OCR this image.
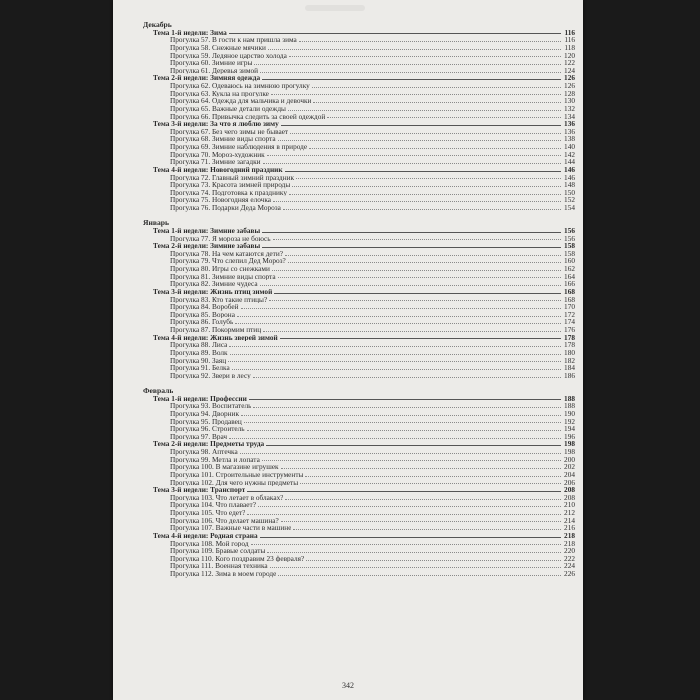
Декабрь
Тема 1-й недели: Зима	116
Прогулка 57. В гости к нам пришла зима	116
Прогулка 58. Снежные мячики	118
Прогулка 59. Ледяное царство холода	120
Прогулка 60. Зимние игры	122
Прогулка 61. Деревья зимой	124
Тема 2-й недели: Зимняя одежда	126
Прогулка 62. Одеваюсь на зимнюю прогулку	126
Прогулка 63. Кукла на прогулке	128
Прогулка 64. Одежда для мальчика и девочки	130
Прогулка 65. Важные детали одежды	132
Прогулка 66. Привычка следить за своей одеждой	134
Тема 3-й недели: За что я люблю зиму	136
Прогулка 67. Без чего зимы не бывает	136
Прогулка 68. Зимние виды спорта	138
Прогулка 69. Зимние наблюдения в природе	140
Прогулка 70. Мороз-художник	142
Прогулка 71. Зимние загадки	144
Тема 4-й недели: Новогодний праздник	146
Прогулка 72. Главный зимний праздник	146
Прогулка 73. Красота зимней природы	148
Прогулка 74. Подготовка к празднику	150
Прогулка 75. Новогодняя елочка	152
Прогулка 76. Подарки Деда Мороза	154
Январь
Тема 1-й недели: Зимние забавы	156
Прогулка 77. Я мороза не боюсь	156
Тема 2-й недели: Зимние забавы	158
Прогулка 78. На чем катаются дети?	158
Прогулка 79. Что слепил Дед Мороз?	160
Прогулка 80. Игры со снежками	162
Прогулка 81. Зимние виды спорта	164
Прогулка 82. Зимние чудеса	166
Тема 3-й недели: Жизнь птиц зимой	168
Прогулка 83. Кто такие птицы?	168
Прогулка 84. Воробей	170
Прогулка 85. Ворона	172
Прогулка 86. Голубь	174
Прогулка 87. Покормим птиц	176
Тема 4-й недели: Жизнь зверей зимой	178
Прогулка 88. Лиса	178
Прогулка 89. Волк	180
Прогулка 90. Заяц	182
Прогулка 91. Белка	184
Прогулка 92. Звери в лесу	186
Февраль
Тема 1-й недели: Профессии	188
Прогулка 93. Воспитатель	188
Прогулка 94. Дворник	190
Прогулка 95. Продавец	192
Прогулка 96. Строитель	194
Прогулка 97. Врач	196
Тема 2-й недели: Предметы труда	198
Прогулка 98. Аптечка	198
Прогулка 99. Метла и лопата	200
Прогулка 100. В магазине игрушек	202
Прогулка 101. Строительные инструменты	204
Прогулка 102. Для чего нужны предметы	206
Тема 3-й недели: Транспорт	208
Прогулка 103. Что летает в облаках?	208
Прогулка 104. Что плавает?	210
Прогулка 105. Что едет?	212
Прогулка 106. Что делает машина?	214
Прогулка 107. Важные части в машине	216
Тема 4-й недели: Родная страна	218
Прогулка 108. Мой город	218
Прогулка 109. Бравые солдаты	220
Прогулка 110. Кого поздравим 23 февраля?	222
Прогулка 111. Военная техника	224
Прогулка 112. Зима в моем городе	226
342
